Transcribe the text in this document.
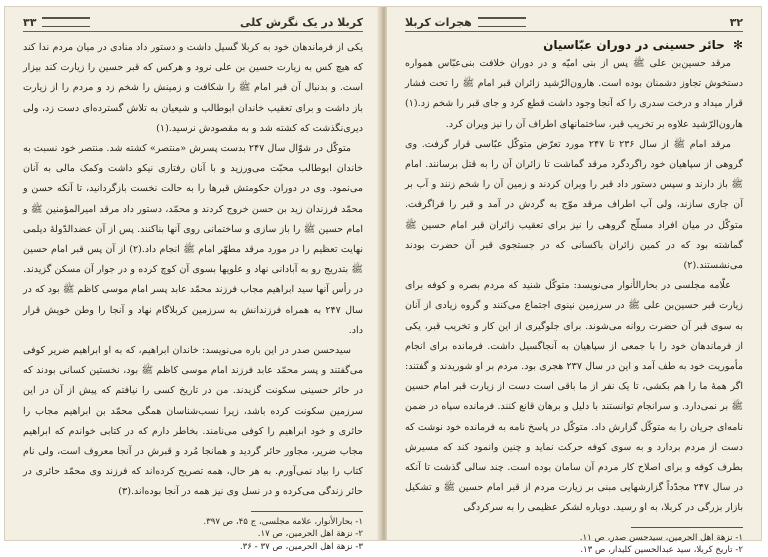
کربلا در یک نگرش کلی
۳۳

یکی از فرماندهان خود به کربلا گسیل داشت و دستور داد منادی در میان مردم ندا کند که هیچ کس به زیارت حسین بن علی نرود و هرکس که قبر حسین را زیارت کند بیزار است. و بدنبال آن قبر امام ﷺ را شکافت و زمینش را شخم زد و مردم را از زیارت باز داشت و برای تعقیب خاندان ابوطالب و شیعیان به تلاش گسترده‌ای دست زد، ولی دیری‌نگذشت که کشته شد و به مقصودش نرسید.(۱)

متوکّل در شوّال سال ۲۴۷ بدست پسرش «منتصر» کشته شد. منتصر خود نسبت به خاندان ابوطالب محبّت می‌ورزید و با آنان رفتاری نیکو داشت وکمک مالی به آنان می‌نمود. وی در دوران حکومتش قبرها را به حالت نخست بازگردانید، تا آنکه حسن و محمّد فرزندان زید بن حسن خروج کردند و محمّد، دستور داد مرقد امیرالمؤمنین ﷺ و امام حسین ﷺ را باز سازی و ساختمانی روی آنها بناکنند. پس از آن عضدالدّولهٔ دیلمی نهایت تعظیم را در مورد مرقد مطهّر امام ﷺ انجام داد.(۲) از آن پس قبر امام حسین ﷺ بتدریج رو به آبادانی نهاد و علویها بسوی آن کوچ کرده و در جوار آن مسکن گزیدند. در رأس آنها سید ابراهیم مجاب فرزند محمّد عابد پسر امام موسی کاظم ﷺ بود که در سال ۲۴۷ به همراه فرزندانش به سرزمین کربلاگام نهاد و آنجا را وطن خویش قرار داد.

سیدحسن صدر در این باره می‌نویسد: خاندان ابراهیم، که به او ابراهیم ضریر کوفی می‌گفتند و پسر محمّد عابد فرزند امام موسی کاظم ﷺ بود، نخستین کسانی بودند که در حائر حسینی سکونت گزیدند. من در تاریخ کسی را نیافتم که پیش از آن در این سرزمین سکونت کرده باشد، زیرا نسب‌شناسان همگی محمّد بن ابراهیم مجاب را حائری و خود ابراهیم را کوفی می‌نامند. بخاطر دارم که در کتابی خواندم که ابراهیم مجاب ضریر، مجاور حائر گردید و همانجا مُرد و قبرش در آنجا معروف است، ولی نام کتاب را بیاد نمی‌آورم. به هر حال، همه تصریح کرده‌اند که فرزند وی محمّد حائری در حائر زندگی می‌کرده و در نسل وی نیز همه در آنجا بوده‌اند.(۳)

۱- بحارالأنوار، علامه مجلسی، ج ۴۵، ص ۳۹۷.
۲- نزهة اهل الحرمین، ص ۱۷.
۳- نزهة اهل الحرمین، ص ۳۷ - ۳۶.
۳۲
هجرات کربلا
✻ حائر حسینی در دوران عبّاسیان

مرقد حسین‌بن علی ﷺ پس از بنی امیّه و در دوران خلافت بنی‌عبّاس همواره دستخوش تجاوز دشمنان بوده است. هارون‌الرّشید زائران قبر امام ﷺ را تحت فشار قرار میداد و درخت سدری را که آنجا وجود داشت قطع کرد و جای قبر را شخم زد.(۱) هارون‌الرّشید علاوه بر تخریب قبر، ساختمانهای اطراف آن را نیز ویران کرد.

مرقد امام ﷺ از سال ۲۳۶ تا ۲۴۷ مورد تعرّض متوکّل عبّاسی قرار گرفت. وی گروهی از سپاهیان خود راگردگرد مرقد گماشت تا زائران آن را به قتل برسانند. امام ﷺ باز دارند و سپس دستور داد قبر را ویران کردند و زمین آن را شخم زنند و آب بر آن جاری سازند، ولی آب اطراف مرقد موّج به گردش در آمد و قبر را فراگرفت. متوکّل در میان افراد مسلّح گروهی را نیز برای تعقیب زائران قبر امام حسین ﷺ گماشته بود که در کمین زائران باکسانی که در جستجوی قبر آن حضرت بودند می‌نشستند.(۲)

علّامه مجلسی در بحارالأنوار می‌نویسد: متوکّل شنید که مردم بصره و کوفه برای زیارت قبر حسین‌بن علی ﷺ در سرزمین نینوی اجتماع می‌کنند و گروه زیادی از آنان به سوی قبر آن حضرت روانه می‌شوند. برای جلوگیری از این کار و تخریب قبر، یکی از فرماندهان خود را با جمعی از سپاهیان به آنجاگسیل داشت. فرمانده برای انجام مأموریت خود به طف آمد و این در سال ۲۳۷ هجری بود. مردم بر او شوریدند و گفتند: اگر همهٔ ما را هم بکشی، تا یک نفر از ما باقی است دست از زیارت قبر امام حسین ﷺ بر نمی‌دارد. و سرانجام توانستند با دلیل و برهان قانع کنند. فرمانده سپاه در ضمن نامه‌ای جریان را به متوکّل گزارش داد. متوکّل در پاسخ نامه به فرمانده خود نوشت که دست از مردم بردارد و به سوی کوفه حرکت نماید و چنین وانمود کند که مسیرش بطرف کوفه و برای اصلاح کار مردم آن سامان بوده است. چند سالی گذشت تا آنکه در سال ۲۴۷ مجدّداً گزارشهایی مبنی بر زیارت مردم از قبر امام حسین ﷺ و تشکیل بازار بزرگی در کربلا، به او رسید. دوباره لشکر عظیمی را به سرکردگی

۱- نزهة اهل الحرمین، سیدحسن صدر، ص ۱۱.
۲- تاریخ کربلا، سید عبدالحسین کلیدار، ص ۱۳.
